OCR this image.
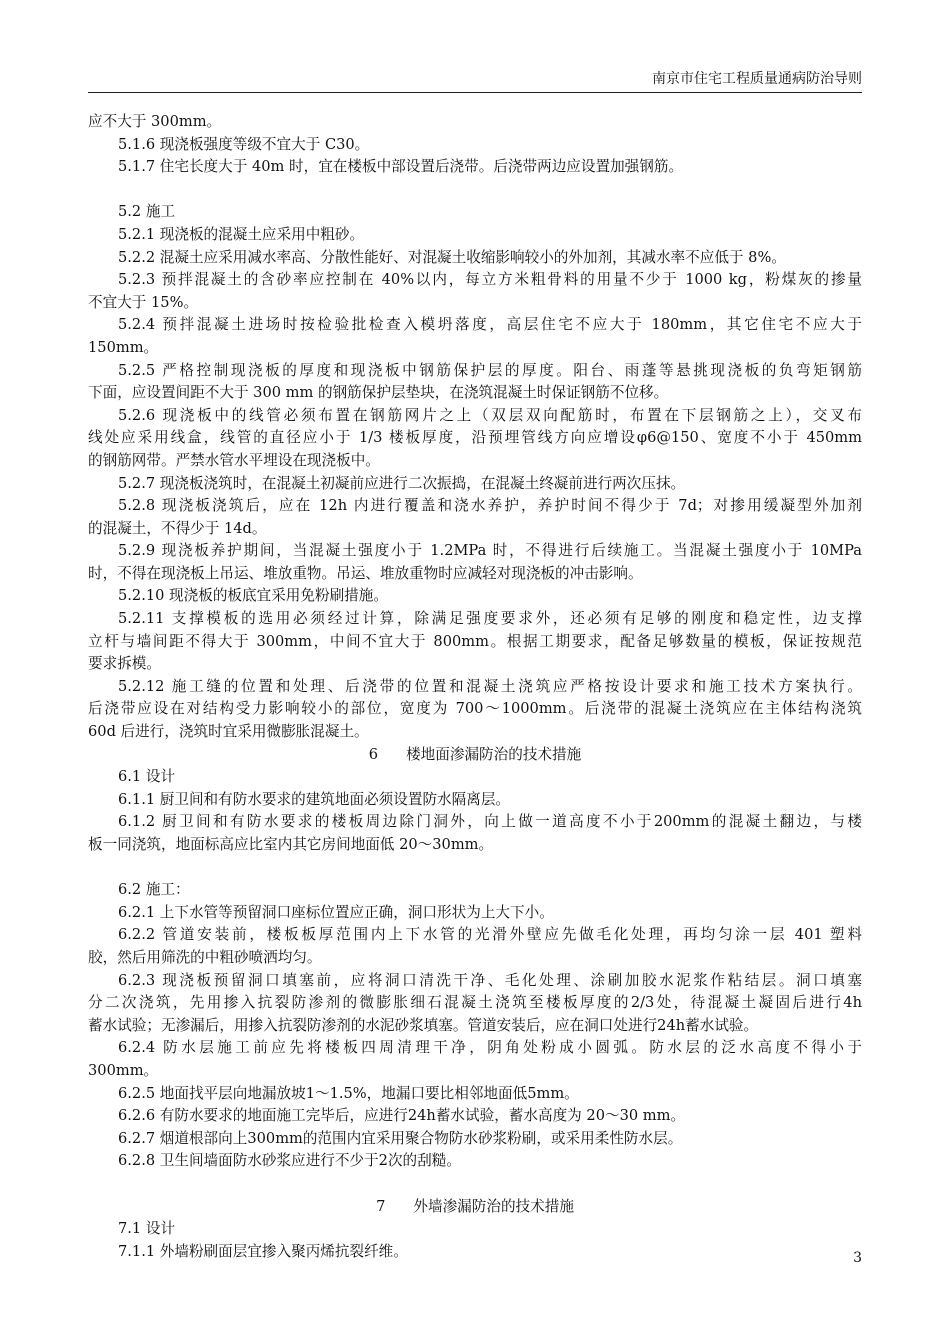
南京市住宅工程质量通病防治导则
应不大于 300mm。
5.1.6 现浇板强度等级不宜大于 C30。
5.1.7 住宅长度大于 40m 时，宜在楼板中部设置后浇带。后浇带两边应设置加强钢筋。
5.2 施工
5.2.1 现浇板的混凝土应采用中粗砂。
5.2.2 混凝土应采用减水率高、分散性能好、对混凝土收缩影响较小的外加剂，其减水率不应低于 8%。
5.2.3 预拌混凝土的含砂率应控制在 40%以内，每立方米粗骨料的用量不少于 1000 kg，粉煤灰的掺量
不宜大于 15%。
5.2.4 预拌混凝土进场时按检验批检查入模坍落度，高层住宅不应大于 180mm，其它住宅不应大于
150mm。
5.2.5 严格控制现浇板的厚度和现浇板中钢筋保护层的厚度。阳台、雨蓬等悬挑现浇板的负弯矩钢筋
下面，应设置间距不大于 300 mm 的钢筋保护层垫块，在浇筑混凝土时保证钢筋不位移。
5.2.6 现浇板中的线管必须布置在钢筋网片之上（双层双向配筋时，布置在下层钢筋之上），交叉布
线处应采用线盒，线管的直径应小于 1/3 楼板厚度，沿预埋管线方向应增设φ6@150、宽度不小于 450mm
的钢筋网带。严禁水管水平埋设在现浇板中。
5.2.7 现浇板浇筑时，在混凝土初凝前应进行二次振捣，在混凝土终凝前进行两次压抹。
5.2.8 现浇板浇筑后，应在 12h 内进行覆盖和浇水养护，养护时间不得少于 7d；对掺用缓凝型外加剂
的混凝土，不得少于 14d。
5.2.9 现浇板养护期间，当混凝土强度小于 1.2MPa 时，不得进行后续施工。当混凝土强度小于 10MPa
时，不得在现浇板上吊运、堆放重物。吊运、堆放重物时应减轻对现浇板的冲击影响。
5.2.10 现浇板的板底宜采用免粉刷措施。
5.2.11 支撑模板的选用必须经过计算，除满足强度要求外，还必须有足够的刚度和稳定性，边支撑
立杆与墙间距不得大于 300mm，中间不宜大于 800mm。根据工期要求，配备足够数量的模板，保证按规范
要求拆模。
5.2.12 施工缝的位置和处理、后浇带的位置和混凝土浇筑应严格按设计要求和施工技术方案执行。
后浇带应设在对结构受力影响较小的部位，宽度为 700～1000mm。后浇带的混凝土浇筑应在主体结构浇筑
60d 后进行，浇筑时宜采用微膨胀混凝土。
6 楼地面渗漏防治的技术措施
6.1 设计
6.1.1 厨卫间和有防水要求的建筑地面必须设置防水隔离层。
6.1.2 厨卫间和有防水要求的楼板周边除门洞外，向上做一道高度不小于200mm的混凝土翻边，与楼
板一同浇筑，地面标高应比室内其它房间地面低 20～30mm。
6.2 施工：
6.2.1 上下水管等预留洞口座标位置应正确，洞口形状为上大下小。
6.2.2 管道安装前，楼板板厚范围内上下水管的光滑外壁应先做毛化处理，再均匀涂一层 401 塑料
胶，然后用筛洗的中粗砂喷洒均匀。
6.2.3 现浇板预留洞口填塞前，应将洞口清洗干净、毛化处理、涂刷加胶水泥浆作粘结层。洞口填塞
分二次浇筑，先用掺入抗裂防渗剂的微膨胀细石混凝土浇筑至楼板厚度的2/3处，待混凝土凝固后进行4h
蓄水试验；无渗漏后，用掺入抗裂防渗剂的水泥砂浆填塞。管道安装后，应在洞口处进行24h蓄水试验。
6.2.4 防水层施工前应先将楼板四周清理干净，阴角处粉成小圆弧。防水层的泛水高度不得小于
300mm。
6.2.5 地面找平层向地漏放坡1～1.5%，地漏口要比相邻地面低5mm。
6.2.6 有防水要求的地面施工完毕后，应进行24h蓄水试验，蓄水高度为 20～30 mm。
6.2.7 烟道根部向上300mm的范围内宜采用聚合物防水砂浆粉刷，或采用柔性防水层。
6.2.8 卫生间墙面防水砂浆应进行不少于2次的刮糙。
7 外墙渗漏防治的技术措施
7.1 设计
7.1.1 外墙粉刷面层宜掺入聚丙烯抗裂纤维。	3
